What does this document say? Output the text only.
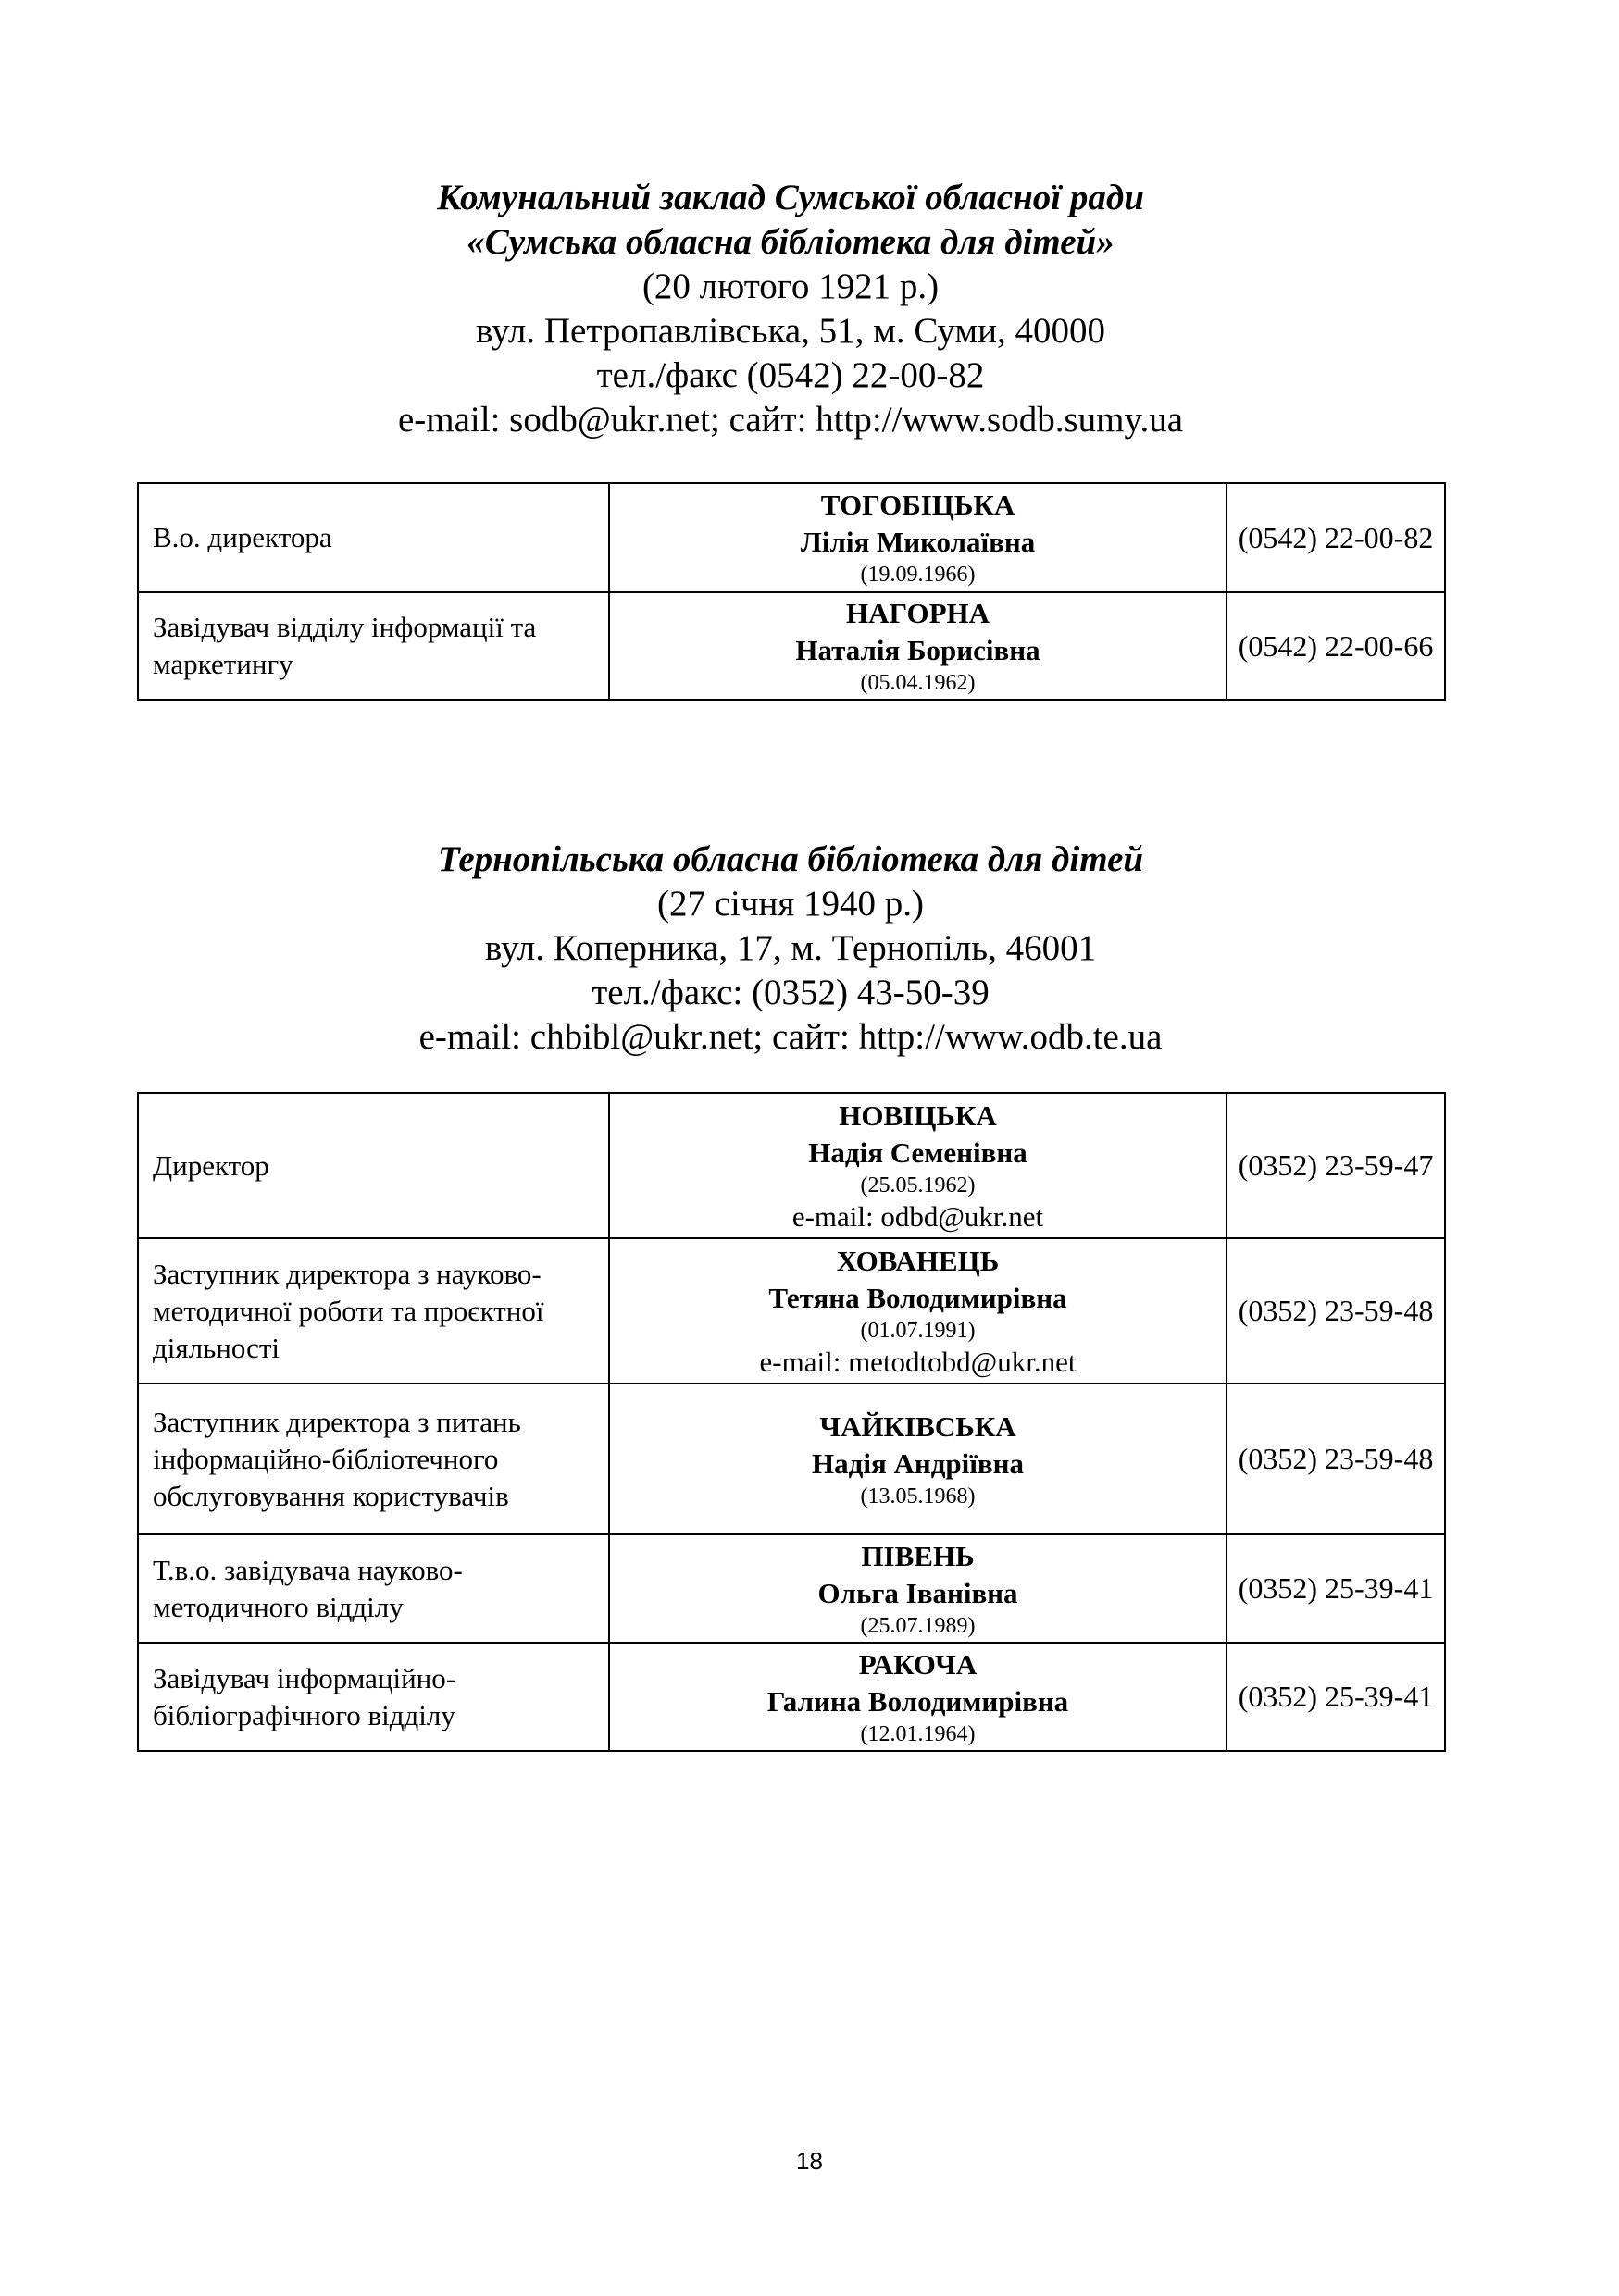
Комунальний заклад Сумської обласної ради
«Сумська обласна бібліотека для дітей»
(20 лютого 1921 р.)
вул. Петропавлівська, 51, м. Суми, 40000
тел./факс (0542) 22-00-82
e-mail: sodb@ukr.net; сайт: http://www.sodb.sumy.ua
В.о. директора	ТОГОБІЦЬКА
Лілія Миколаївна
(19.09.1966)	(0542) 22-00-82
Завідувач відділу інформації та маркетингу	НАГОРНА
Наталія Борисівна
(05.04.1962)	(0542) 22-00-66
Тернопільська обласна бібліотека для дітей
(27 січня 1940 р.)
вул. Коперника, 17, м. Тернопіль, 46001
тел./факс: (0352) 43-50-39
e-mail: chbibl@ukr.net; сайт: http://www.odb.te.ua
Директор	НОВІЦЬКА
Надія Семенівна
(25.05.1962)
e-mail: odbd@ukr.net	(0352) 23-59-47
Заступник директора з науково-методичної роботи та проєктної діяльності	ХОВАНЕЦЬ
Тетяна Володимирівна
(01.07.1991)
e-mail: metodtobd@ukr.net	(0352) 23-59-48
Заступник директора з питань інформаційно-бібліотечного обслуговування користувачів	ЧАЙКІВСЬКА
Надія Андріївна
(13.05.1968)	(0352) 23-59-48
Т.в.о. завідувача науково-методичного відділу	ПІВЕНЬ
Ольга Іванівна
(25.07.1989)	(0352) 25-39-41
Завідувач інформаційно-бібліографічного відділу	РАКОЧА
Галина Володимирівна
(12.01.1964)	(0352) 25-39-41
18
